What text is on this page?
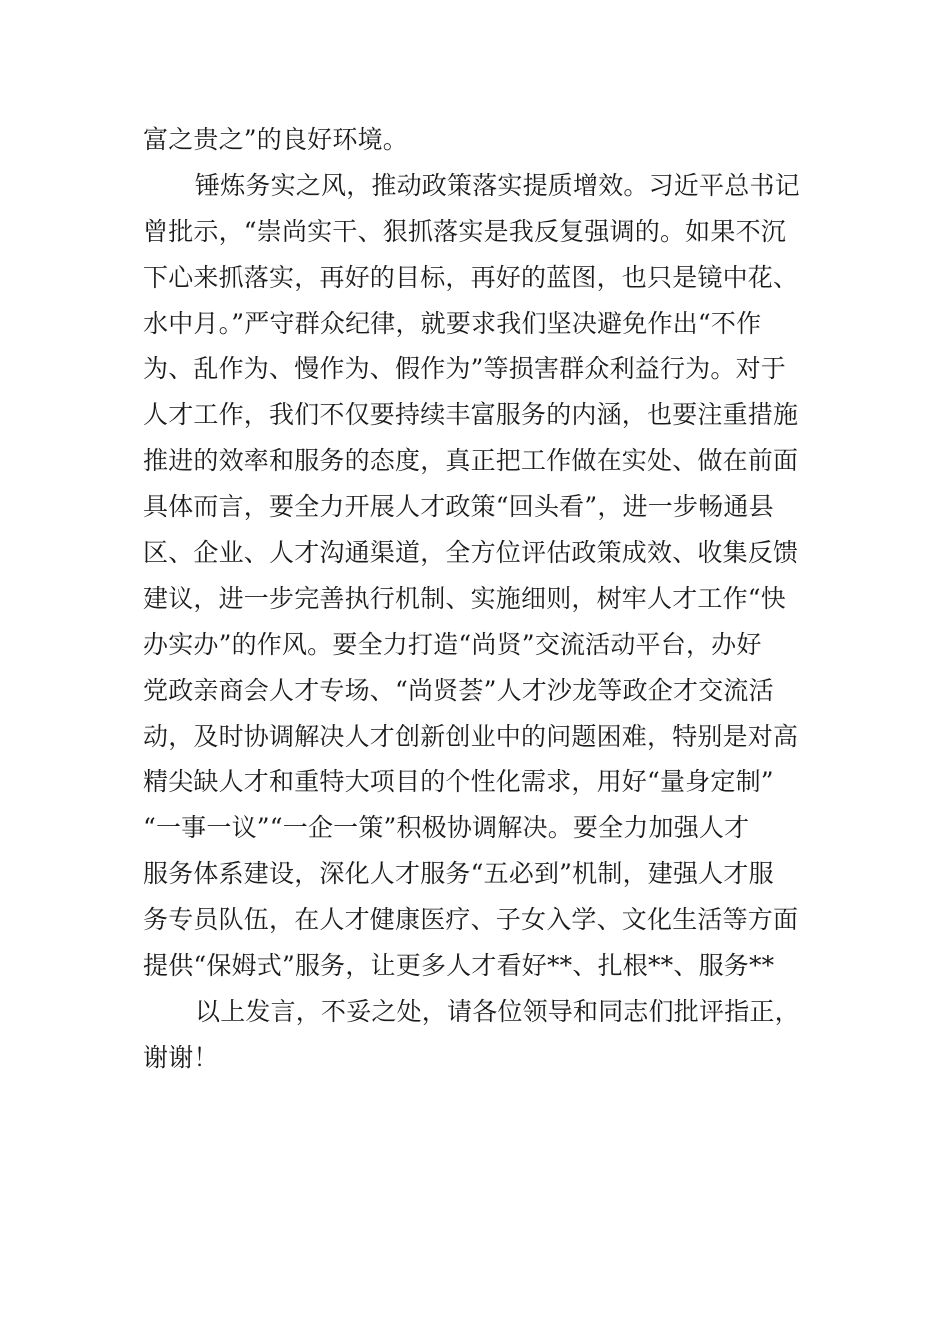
富之贵之”的良好环境。
锤炼务实之风，推动政策落实提质增效。习近平总书记
曾批示，“崇尚实干、狠抓落实是我反复强调的。如果不沉
下心来抓落实，再好的目标，再好的蓝图，也只是镜中花、
水中月。”严守群众纪律，就要求我们坚决避免作出“不作
为、乱作为、慢作为、假作为”等损害群众利益行为。对于
人才工作，我们不仅要持续丰富服务的内涵，也要注重措施
推进的效率和服务的态度，真正把工作做在实处、做在前面
具体而言，要全力开展人才政策“回头看”，进一步畅通县
区、企业、人才沟通渠道，全方位评估政策成效、收集反馈
建议，进一步完善执行机制、实施细则，树牢人才工作“快
办实办”的作风。要全力打造“尚贤”交流活动平台，办好
党政亲商会人才专场、“尚贤荟”人才沙龙等政企才交流活
动，及时协调解决人才创新创业中的问题困难，特别是对高
精尖缺人才和重特大项目的个性化需求，用好“量身定制”
“一事一议”“一企一策”积极协调解决。要全力加强人才
服务体系建设，深化人才服务“五必到”机制，建强人才服
务专员队伍，在人才健康医疗、子女入学、文化生活等方面
提供“保姆式”服务，让更多人才看好**、扎根**、服务**
以上发言，不妥之处，请各位领导和同志们批评指正，
谢谢！
